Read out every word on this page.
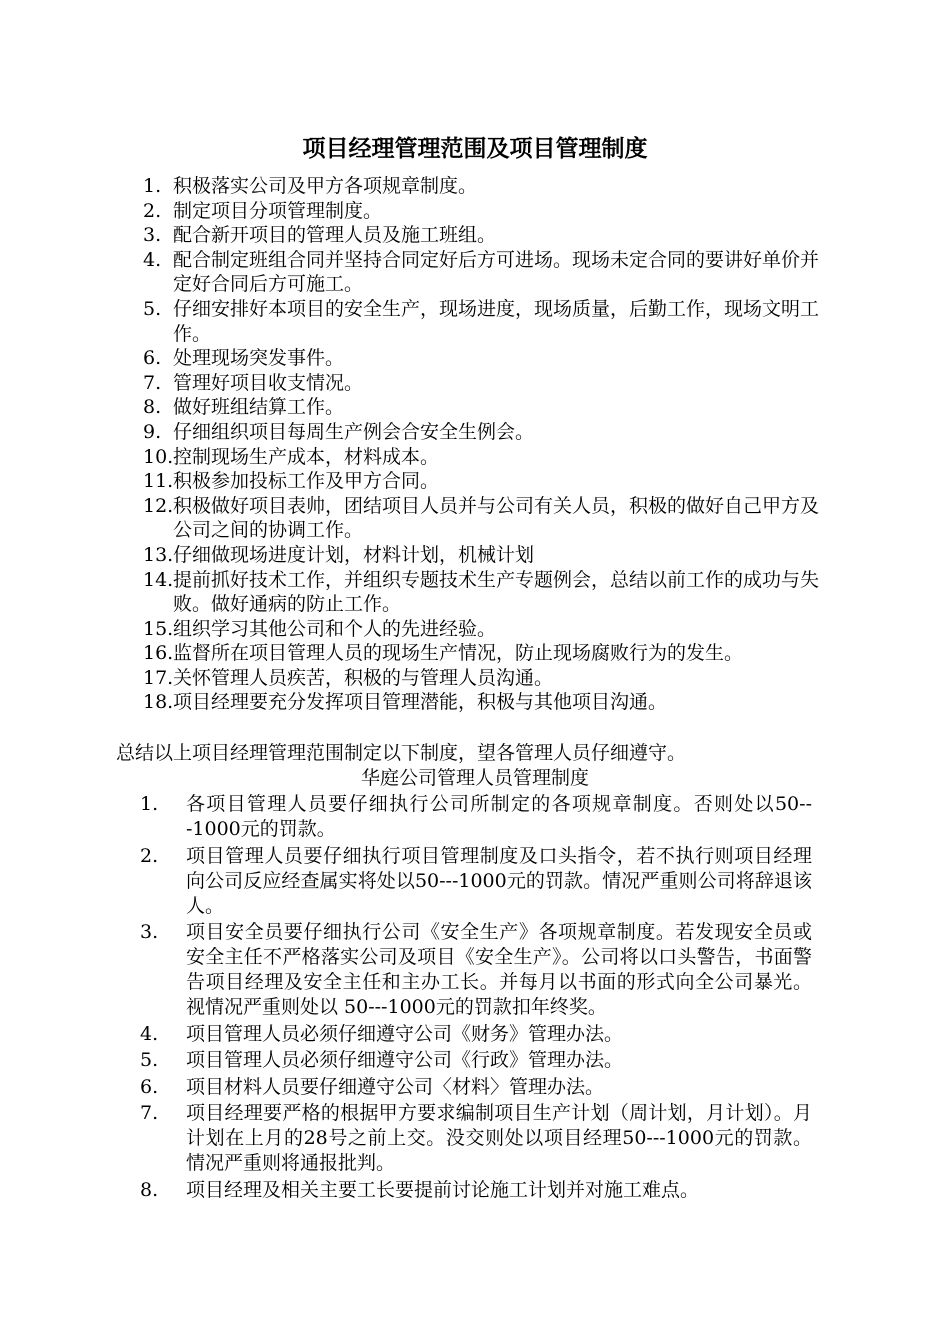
项目经理管理范围及项目管理制度
1. 积极落实公司及甲方各项规章制度。
2. 制定项目分项管理制度。
3. 配合新开项目的管理人员及施工班组。
4. 配合制定班组合同并坚持合同定好后方可进场。现场未定合同的要讲好单价并定好合同后方可施工。
5. 仔细安排好本项目的安全生产，现场进度，现场质量，后勤工作，现场文明工作。
6. 处理现场突发事件。
7. 管理好项目收支情况。
8. 做好班组结算工作。
9. 仔细组织项目每周生产例会合安全生例会。
10. 控制现场生产成本，材料成本。
11. 积极参加投标工作及甲方合同。
12. 积极做好项目表帅，团结项目人员并与公司有关人员，积极的做好自己甲方及公司之间的协调工作。
13. 仔细做现场进度计划，材料计划，机械计划
14. 提前抓好技术工作，并组织专题技术生产专题例会，总结以前工作的成功与失败。做好通病的防止工作。
15. 组织学习其他公司和个人的先进经验。
16. 监督所在项目管理人员的现场生产情况，防止现场腐败行为的发生。
17. 关怀管理人员疾苦，积极的与管理人员沟通。
18. 项目经理要充分发挥项目管理潜能，积极与其他项目沟通。

总结以上项目经理管理范围制定以下制度，望各管理人员仔细遵守。

华庭公司管理人员管理制度

1. 各项目管理人员要仔细执行公司所制定的各项规章制度。否则处以50---1000元的罚款。
2. 项目管理人员要仔细执行项目管理制度及口头指令，若不执行则项目经理向公司反应经查属实将处以50---1000元的罚款。情况严重则公司将辞退该人。
3. 项目安全员要仔细执行公司《安全生产》各项规章制度。若发现安全员或安全主任不严格落实公司及项目《安全生产》。公司将以口头警告，书面警告项目经理及安全主任和主办工长。并每月以书面的形式向全公司暴光。视情况严重则处以 50---1000元的罚款扣年终奖。
4. 项目管理人员必须仔细遵守公司《财务》管理办法。
5. 项目管理人员必须仔细遵守公司《行政》管理办法。
6. 项目材料人员要仔细遵守公司〈材料〉管理办法。
7. 项目经理要严格的根据甲方要求编制项目生产计划（周计划，月计划）。月计划在上月的28号之前上交。没交则处以项目经理50---1000元的罚款。情况严重则将通报批判。
8. 项目经理及相关主要工长要提前讨论施工计划并对施工难点。
